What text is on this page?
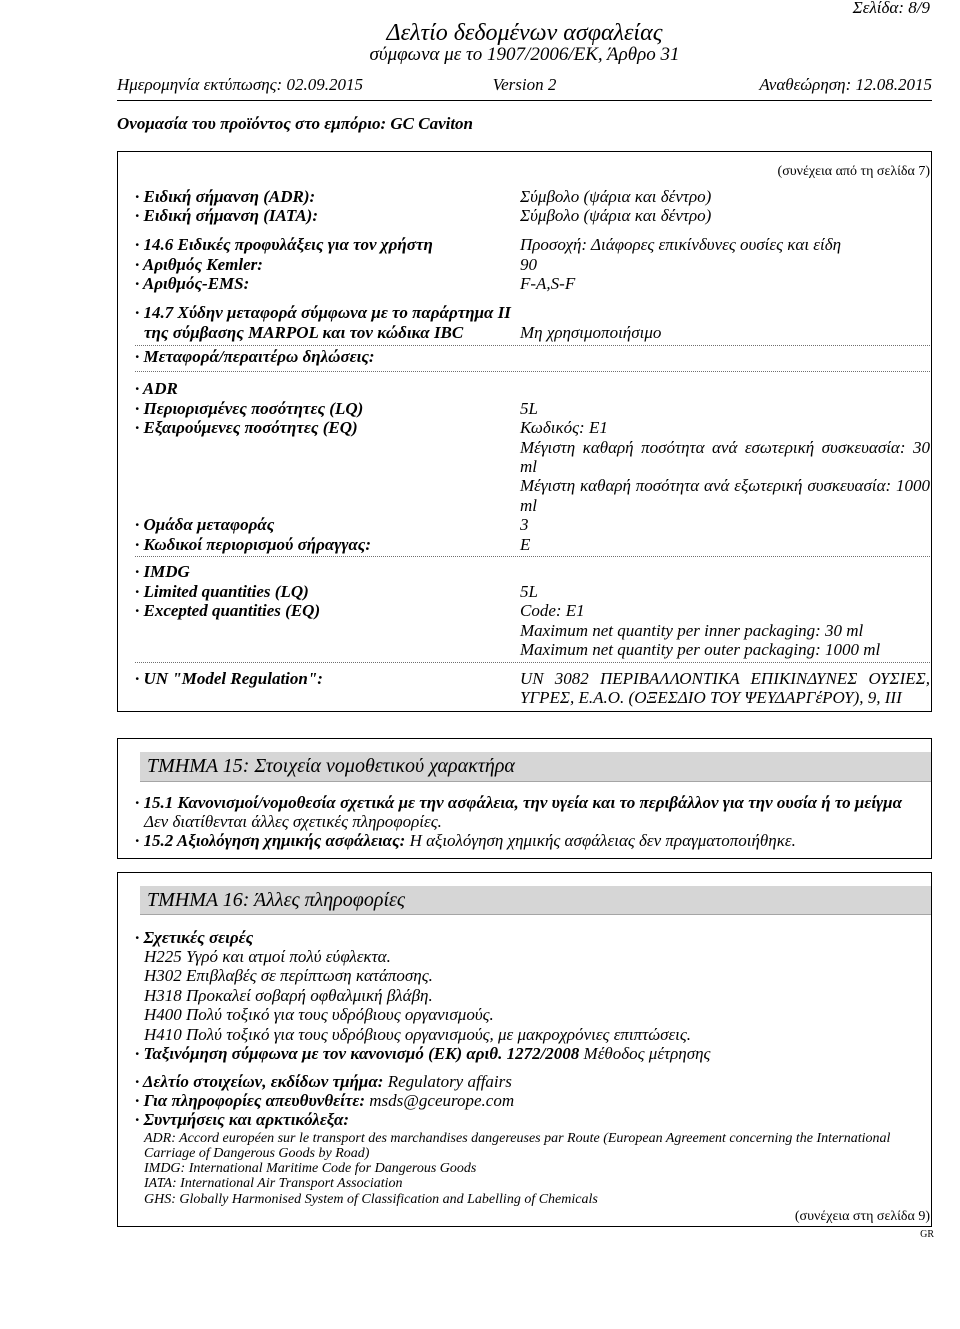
Σελίδα: 8/9
Δελτίο δεδομένων ασφαλείας
σύμφωνα με το 1907/2006/ΕΚ, Άρθρο 31
Ημερομηνία εκτύπωσης: 02.09.2015	Version 2	Αναθεώρηση: 12.08.2015
Ονομασία του προϊόντος στο εμπόριο: GC Caviton
(συνέχεια από τη σελίδα 7)
· Ειδική σήμανση (ADR):	Σύμβολο (ψάρια και δέντρο)
· Ειδική σήμανση (IATA):	Σύμβολο (ψάρια και δέντρο)
· 14.6 Ειδικές προφυλάξεις για τον χρήστη	Προσοχή: Διάφορες επικίνδυνες ουσίες και είδη
· Αριθμός Kemler:	90
· Αριθμός-EMS:	F-A,S-F
· 14.7 Χύδην μεταφορά σύμφωνα με το παράρτημα II
της σύμβασης MARPOL και τον κώδικα IBC	Μη χρησιμοποιήσιμο
· Μεταφορά/περαιτέρω δηλώσεις:
· ADR
· Περιορισμένες ποσότητες (LQ)	5L
· Εξαιρούμενες ποσότητες (EQ)	Κωδικός: E1
Μέγιστη καθαρή ποσότητα ανά εσωτερική συσκευασία: 30 ml
Μέγιστη καθαρή ποσότητα ανά εξωτερική συσκευασία: 1000 ml
· Ομάδα μεταφοράς	3
· Κωδικοί περιορισμού σήραγγας:	E
· IMDG
· Limited quantities (LQ)	5L
· Excepted quantities (EQ)	Code: E1
Maximum net quantity per inner packaging: 30 ml
Maximum net quantity per outer packaging: 1000 ml
· UN "Model Regulation":	UN 3082 ΠΕΡΙΒΑΛΛΟΝΤΙΚΑ ΕΠΙΚΙΝΔΥΝΕΣ ΟΥΣΙΕΣ, ΥΓΡΕΣ, Ε.Α.Ο. (ΟΞΕΣΔΙΟ ΤΟΥ ΨΕΥΔΑΡΓέΡΟΥ), 9, III
ΤΜΗΜΑ 15: Στοιχεία νομοθετικού χαρακτήρα
· 15.1 Κανονισμοί/νομοθεσία σχετικά με την ασφάλεια, την υγεία και το περιβάλλον για την ουσία ή το μείγμα
Δεν διατίθενται άλλες σχετικές πληροφορίες.
· 15.2 Αξιολόγηση χημικής ασφάλειας: Η αξιολόγηση χημικής ασφάλειας δεν πραγματοποιήθηκε.
ΤΜΗΜΑ 16: Άλλες πληροφορίες
· Σχετικές σειρές
H225 Υγρό και ατμοί πολύ εύφλεκτα.
H302 Επιβλαβές σε περίπτωση κατάποσης.
H318 Προκαλεί σοβαρή οφθαλμική βλάβη.
H400 Πολύ τοξικό για τους υδρόβιους οργανισμούς.
H410 Πολύ τοξικό για τους υδρόβιους οργανισμούς, με μακροχρόνιες επιπτώσεις.
· Ταξινόμηση σύμφωνα με τον κανονισμό (ΕΚ) αριθ. 1272/2008 Μέθοδος μέτρησης
· Δελτίο στοιχείων, εκδίδων τμήμα: Regulatory affairs
· Για πληροφορίες απευθυνθείτε: msds@gceurope.com
· Συντμήσεις και αρκτικόλεξα:
ADR: Accord européen sur le transport des marchandises dangereuses par Route (European Agreement concerning the International Carriage of Dangerous Goods by Road)
IMDG: International Maritime Code for Dangerous Goods
IATA: International Air Transport Association
GHS: Globally Harmonised System of Classification and Labelling of Chemicals
(συνέχεια στη σελίδα 9)
GR
